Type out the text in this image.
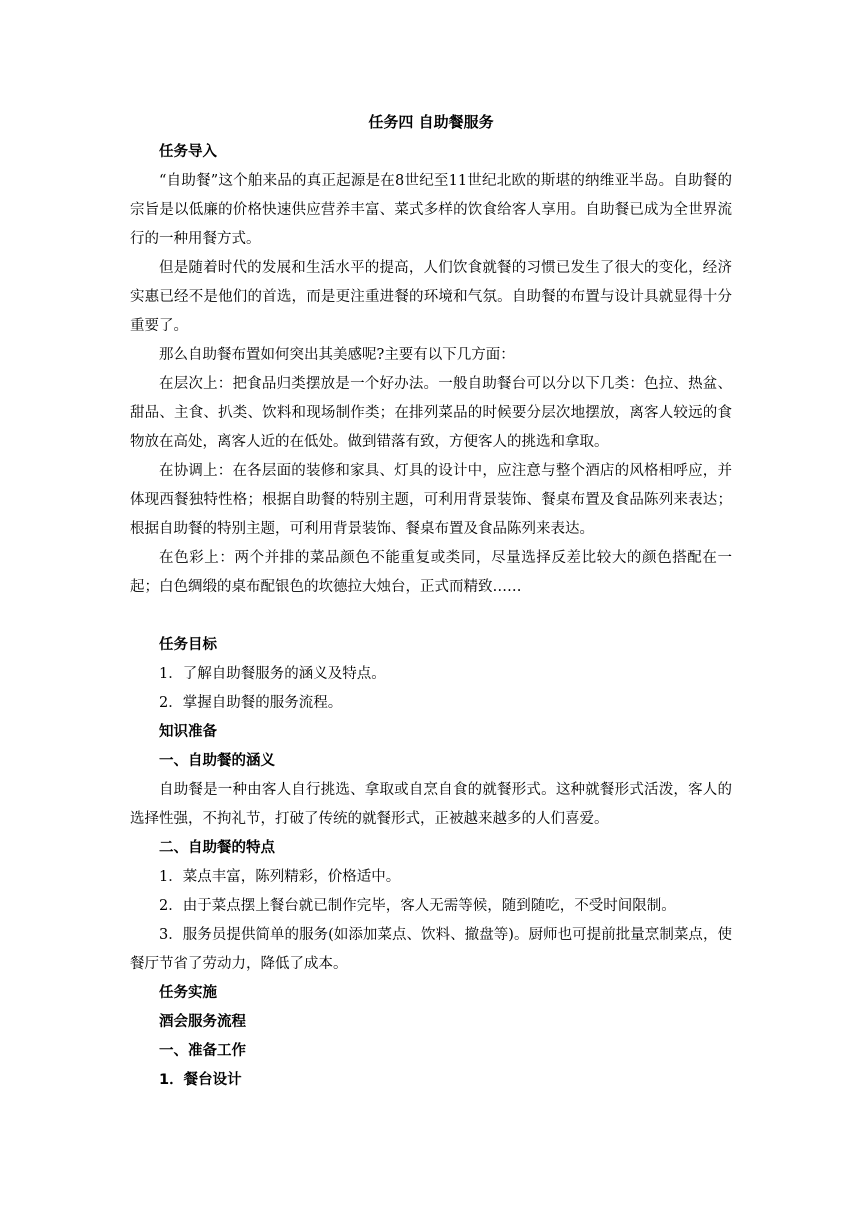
任务四 自助餐服务

任务导入

“自助餐”这个舶来品的真正起源是在8世纪至11世纪北欧的斯堪的纳维亚半岛。自助餐的宗旨是以低廉的价格快速供应营养丰富、菜式多样的饮食给客人享用。自助餐已成为全世界流行的一种用餐方式。

但是随着时代的发展和生活水平的提高，人们饮食就餐的习惯已发生了很大的变化，经济实惠已经不是他们的首选，而是更注重进餐的环境和气氛。自助餐的布置与设计具就显得十分重要了。

那么自助餐布置如何突出其美感呢?主要有以下几方面：

在层次上：把食品归类摆放是一个好办法。一般自助餐台可以分以下几类：色拉、热盆、甜品、主食、扒类、饮料和现场制作类；在排列菜品的时候要分层次地摆放，离客人较远的食物放在高处，离客人近的在低处。做到错落有致，方便客人的挑选和拿取。

在协调上：在各层面的装修和家具、灯具的设计中，应注意与整个酒店的风格相呼应，并体现西餐独特性格；根据自助餐的特别主题，可利用背景装饰、餐桌布置及食品陈列来表达；根据自助餐的特别主题，可利用背景装饰、餐桌布置及食品陈列来表达。

在色彩上：两个并排的菜品颜色不能重复或类同，尽量选择反差比较大的颜色搭配在一起；白色绸缎的桌布配银色的坎德拉大烛台，正式而精致……

任务目标

1．了解自助餐服务的涵义及特点。

2．掌握自助餐的服务流程。

知识准备

一、自助餐的涵义

自助餐是一种由客人自行挑选、拿取或自烹自食的就餐形式。这种就餐形式活泼，客人的选择性强，不拘礼节，打破了传统的就餐形式，正被越来越多的人们喜爱。

二、自助餐的特点

1．菜点丰富，陈列精彩，价格适中。

2．由于菜点摆上餐台就已制作完毕，客人无需等候，随到随吃，不受时间限制。

3．服务员提供简单的服务(如添加菜点、饮料、撤盘等)。厨师也可提前批量烹制菜点，使餐厅节省了劳动力，降低了成本。

任务实施

酒会服务流程

一、准备工作

1．餐台设计
